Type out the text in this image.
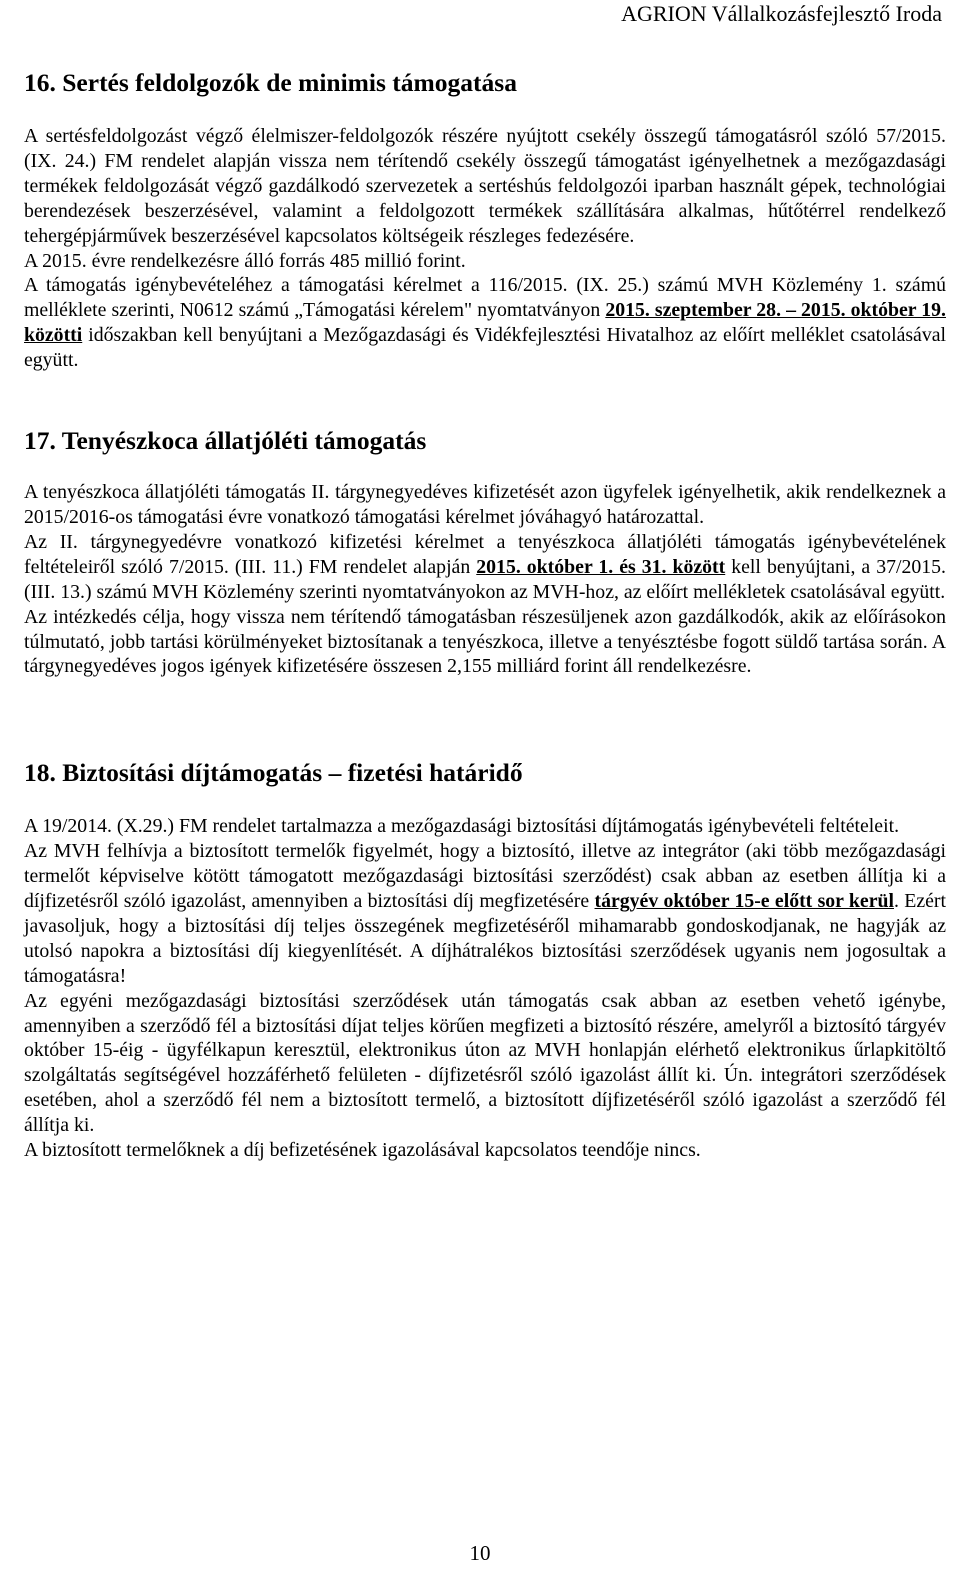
AGRION Vállalkozásfejlesztő Iroda
16. Sertés feldolgozók de minimis támogatása

A sertésfeldolgozást végző élelmiszer-feldolgozók részére nyújtott csekély összegű támogatásról szóló 57/2015. (IX. 24.) FM rendelet alapján vissza nem térítendő csekély összegű támogatást igényelhetnek a mezőgazdasági termékek feldolgozását végző gazdálkodó szervezetek a sertéshús feldolgozói iparban használt gépek, technológiai berendezések beszerzésével, valamint a feldolgozott termékek szállítására alkalmas, hűtőtérrel rendelkező tehergépjárművek beszerzésével kapcsolatos költségeik részleges fedezésére.

A 2015. évre rendelkezésre álló forrás 485 millió forint.

A támogatás igénybevételéhez a támogatási kérelmet a 116/2015. (IX. 25.) számú MVH Közlemény 1. számú melléklete szerinti, N0612 számú „Támogatási kérelem" nyomtatványon 2015. szeptember 28. – 2015. október 19. közötti időszakban kell benyújtani a Mezőgazdasági és Vidékfejlesztési Hivatalhoz az előírt melléklet csatolásával együtt.

17. Tenyészkoca állatjóléti támogatás

A tenyészkoca állatjóléti támogatás II. tárgynegyedéves kifizetését azon ügyfelek igényelhetik, akik rendelkeznek a 2015/2016-os támogatási évre vonatkozó támogatási kérelmet jóváhagyó határozattal.

Az II. tárgynegyedévre vonatkozó kifizetési kérelmet a tenyészkoca állatjóléti támogatás igénybevételének feltételeiről szóló 7/2015. (III. 11.) FM rendelet alapján 2015. október 1. és 31. között kell benyújtani, a 37/2015. (III. 13.) számú MVH Közlemény szerinti nyomtatványokon az MVH-hoz, az előírt mellékletek csatolásával együtt.

Az intézkedés célja, hogy vissza nem térítendő támogatásban részesüljenek azon gazdálkodók, akik az előírásokon túlmutató, jobb tartási körülményeket biztosítanak a tenyészkoca, illetve a tenyésztésbe fogott süldő tartása során. A tárgynegyedéves jogos igények kifizetésére összesen 2,155 milliárd forint áll rendelkezésre.

18. Biztosítási díjtámogatás – fizetési határidő

A 19/2014. (X.29.) FM rendelet tartalmazza a mezőgazdasági biztosítási díjtámogatás igénybevételi feltételeit.

Az MVH felhívja a biztosított termelők figyelmét, hogy a biztosító, illetve az integrátor (aki több mezőgazdasági termelőt képviselve kötött támogatott mezőgazdasági biztosítási szerződést) csak abban az esetben állítja ki a díjfizetésről szóló igazolást, amennyiben a biztosítási díj megfizetésére tárgyév október 15-e előtt sor kerül. Ezért javasoljuk, hogy a biztosítási díj teljes összegének megfizetéséről mihamarabb gondoskodjanak, ne hagyják az utolsó napokra a biztosítási díj kiegyenlítését. A díjhátralékos biztosítási szerződések ugyanis nem jogosultak a támogatásra!

Az egyéni mezőgazdasági biztosítási szerződések után támogatás csak abban az esetben vehető igénybe, amennyiben a szerződő fél a biztosítási díjat teljes körűen megfizeti a biztosító részére, amelyről a biztosító tárgyév október 15-éig - ügyfélkapun keresztül, elektronikus úton az MVH honlapján elérhető elektronikus űrlapkitöltő szolgáltatás segítségével hozzáférhető felületen - díjfizetésről szóló igazolást állít ki. Ún. integrátori szerződések esetében, ahol a szerződő fél nem a biztosított termelő, a biztosított díjfizetéséről szóló igazolást a szerződő fél állítja ki.

A biztosított termelőknek a díj befizetésének igazolásával kapcsolatos teendője nincs.

10
